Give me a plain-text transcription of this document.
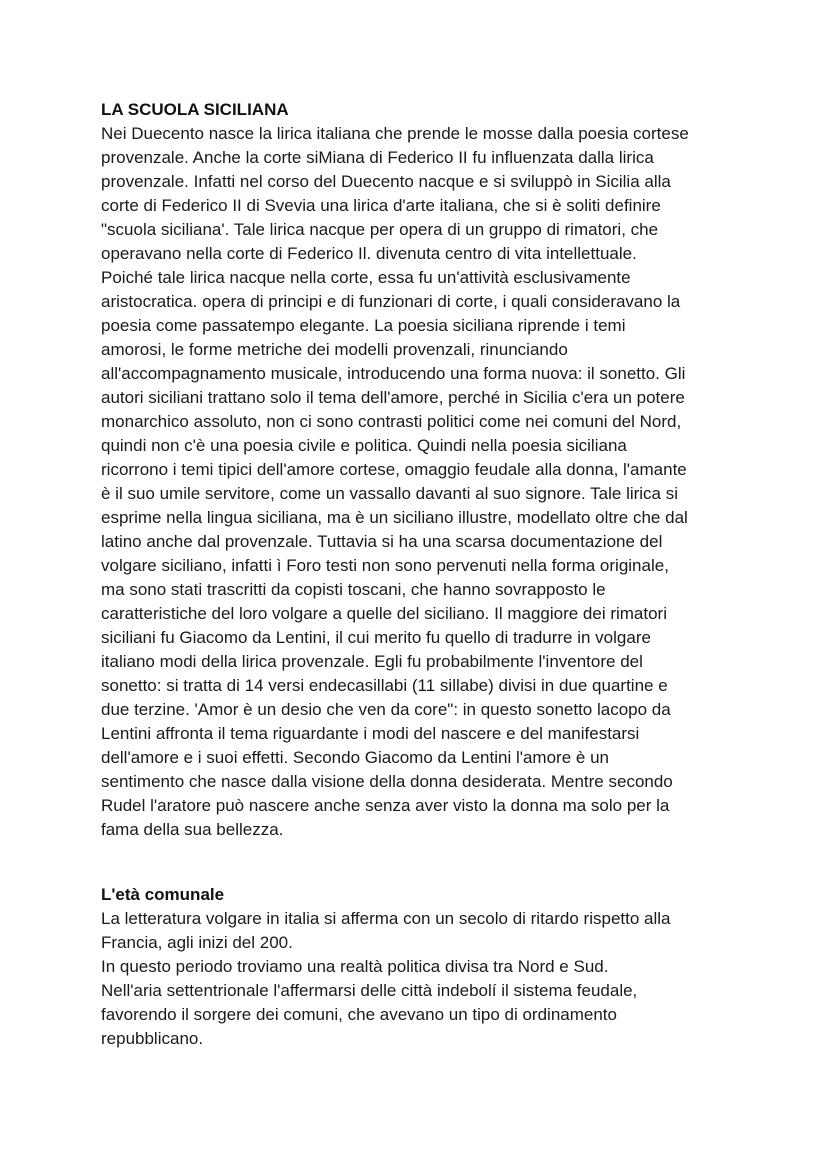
LA SCUOLA SICILIANA

Nei Duecento nasce la lirica italiana che prende le mosse dalla poesia cortese

provenzale. Anche la corte siMiana di Federico II fu influenzata dalla lirica

provenzale. Infatti nel corso del Duecento nacque e si sviluppò in Sicilia alla

corte di Federico II di Svevia una lirica d'arte italiana, che si è soliti definire

"scuola siciliana'. Tale lirica nacque per opera di un gruppo di rimatori, che

operavano nella corte di Federico Il. divenuta centro di vita intellettuale.

Poiché tale lirica nacque nella corte, essa fu un'attività esclusivamente

aristocratica. opera di principi e di funzionari di corte, i quali consideravano la

poesia come passatempo elegante. La poesia siciliana riprende i temi

amorosi, le forme metriche dei modelli provenzali, rinunciando

all'accompagnamento musicale, introducendo una forma nuova: il sonetto. Gli

autori siciliani trattano solo il tema dell'amore, perché in Sicilia c'era un potere

monarchico assoluto, non ci sono contrasti politici come nei comuni del Nord,

quindi non c'è una poesia civile e politica. Quindi nella poesia siciliana

ricorrono i temi tipici dell'amore cortese, omaggio feudale alla donna, l'amante

è il suo umile servitore, come un vassallo davanti al suo signore. Tale lirica si

esprime nella lingua siciliana, ma è un siciliano illustre, modellato oltre che dal

latino anche dal provenzale. Tuttavia si ha una scarsa documentazione del

volgare siciliano, infatti ì Foro testi non sono pervenuti nella forma originale,

ma sono stati trascritti da copisti toscani, che hanno sovrapposto le

caratteristiche del loro volgare a quelle del siciliano. Il maggiore dei rimatori

siciliani fu Giacomo da Lentini, il cui merito fu quello di tradurre in volgare

italiano modi della lirica provenzale. Egli fu probabilmente l'inventore del

sonetto: si tratta di 14 versi endecasillabi (11 sillabe) divisi in due quartine e

due terzine. 'Amor è un desio che ven da core": in questo sonetto lacopo da

Lentini affronta il tema riguardante i modi del nascere e del manifestarsi

dell'amore e i suoi effetti. Secondo Giacomo da Lentini l'amore è un

sentimento che nasce dalla visione della donna desiderata. Mentre secondo

Rudel l'aratore può nascere anche senza aver visto la donna ma solo per la

fama della sua bellezza.

L'età comunale

La letteratura volgare in italia si afferma con un secolo di ritardo rispetto alla

Francia, agli inizi del 200.

In questo periodo troviamo una realtà politica divisa tra Nord e Sud.

Nell'aria settentrionale l'affermarsi delle città indebolí il sistema feudale,

favorendo il sorgere dei comuni, che avevano un tipo di ordinamento

repubblicano.
